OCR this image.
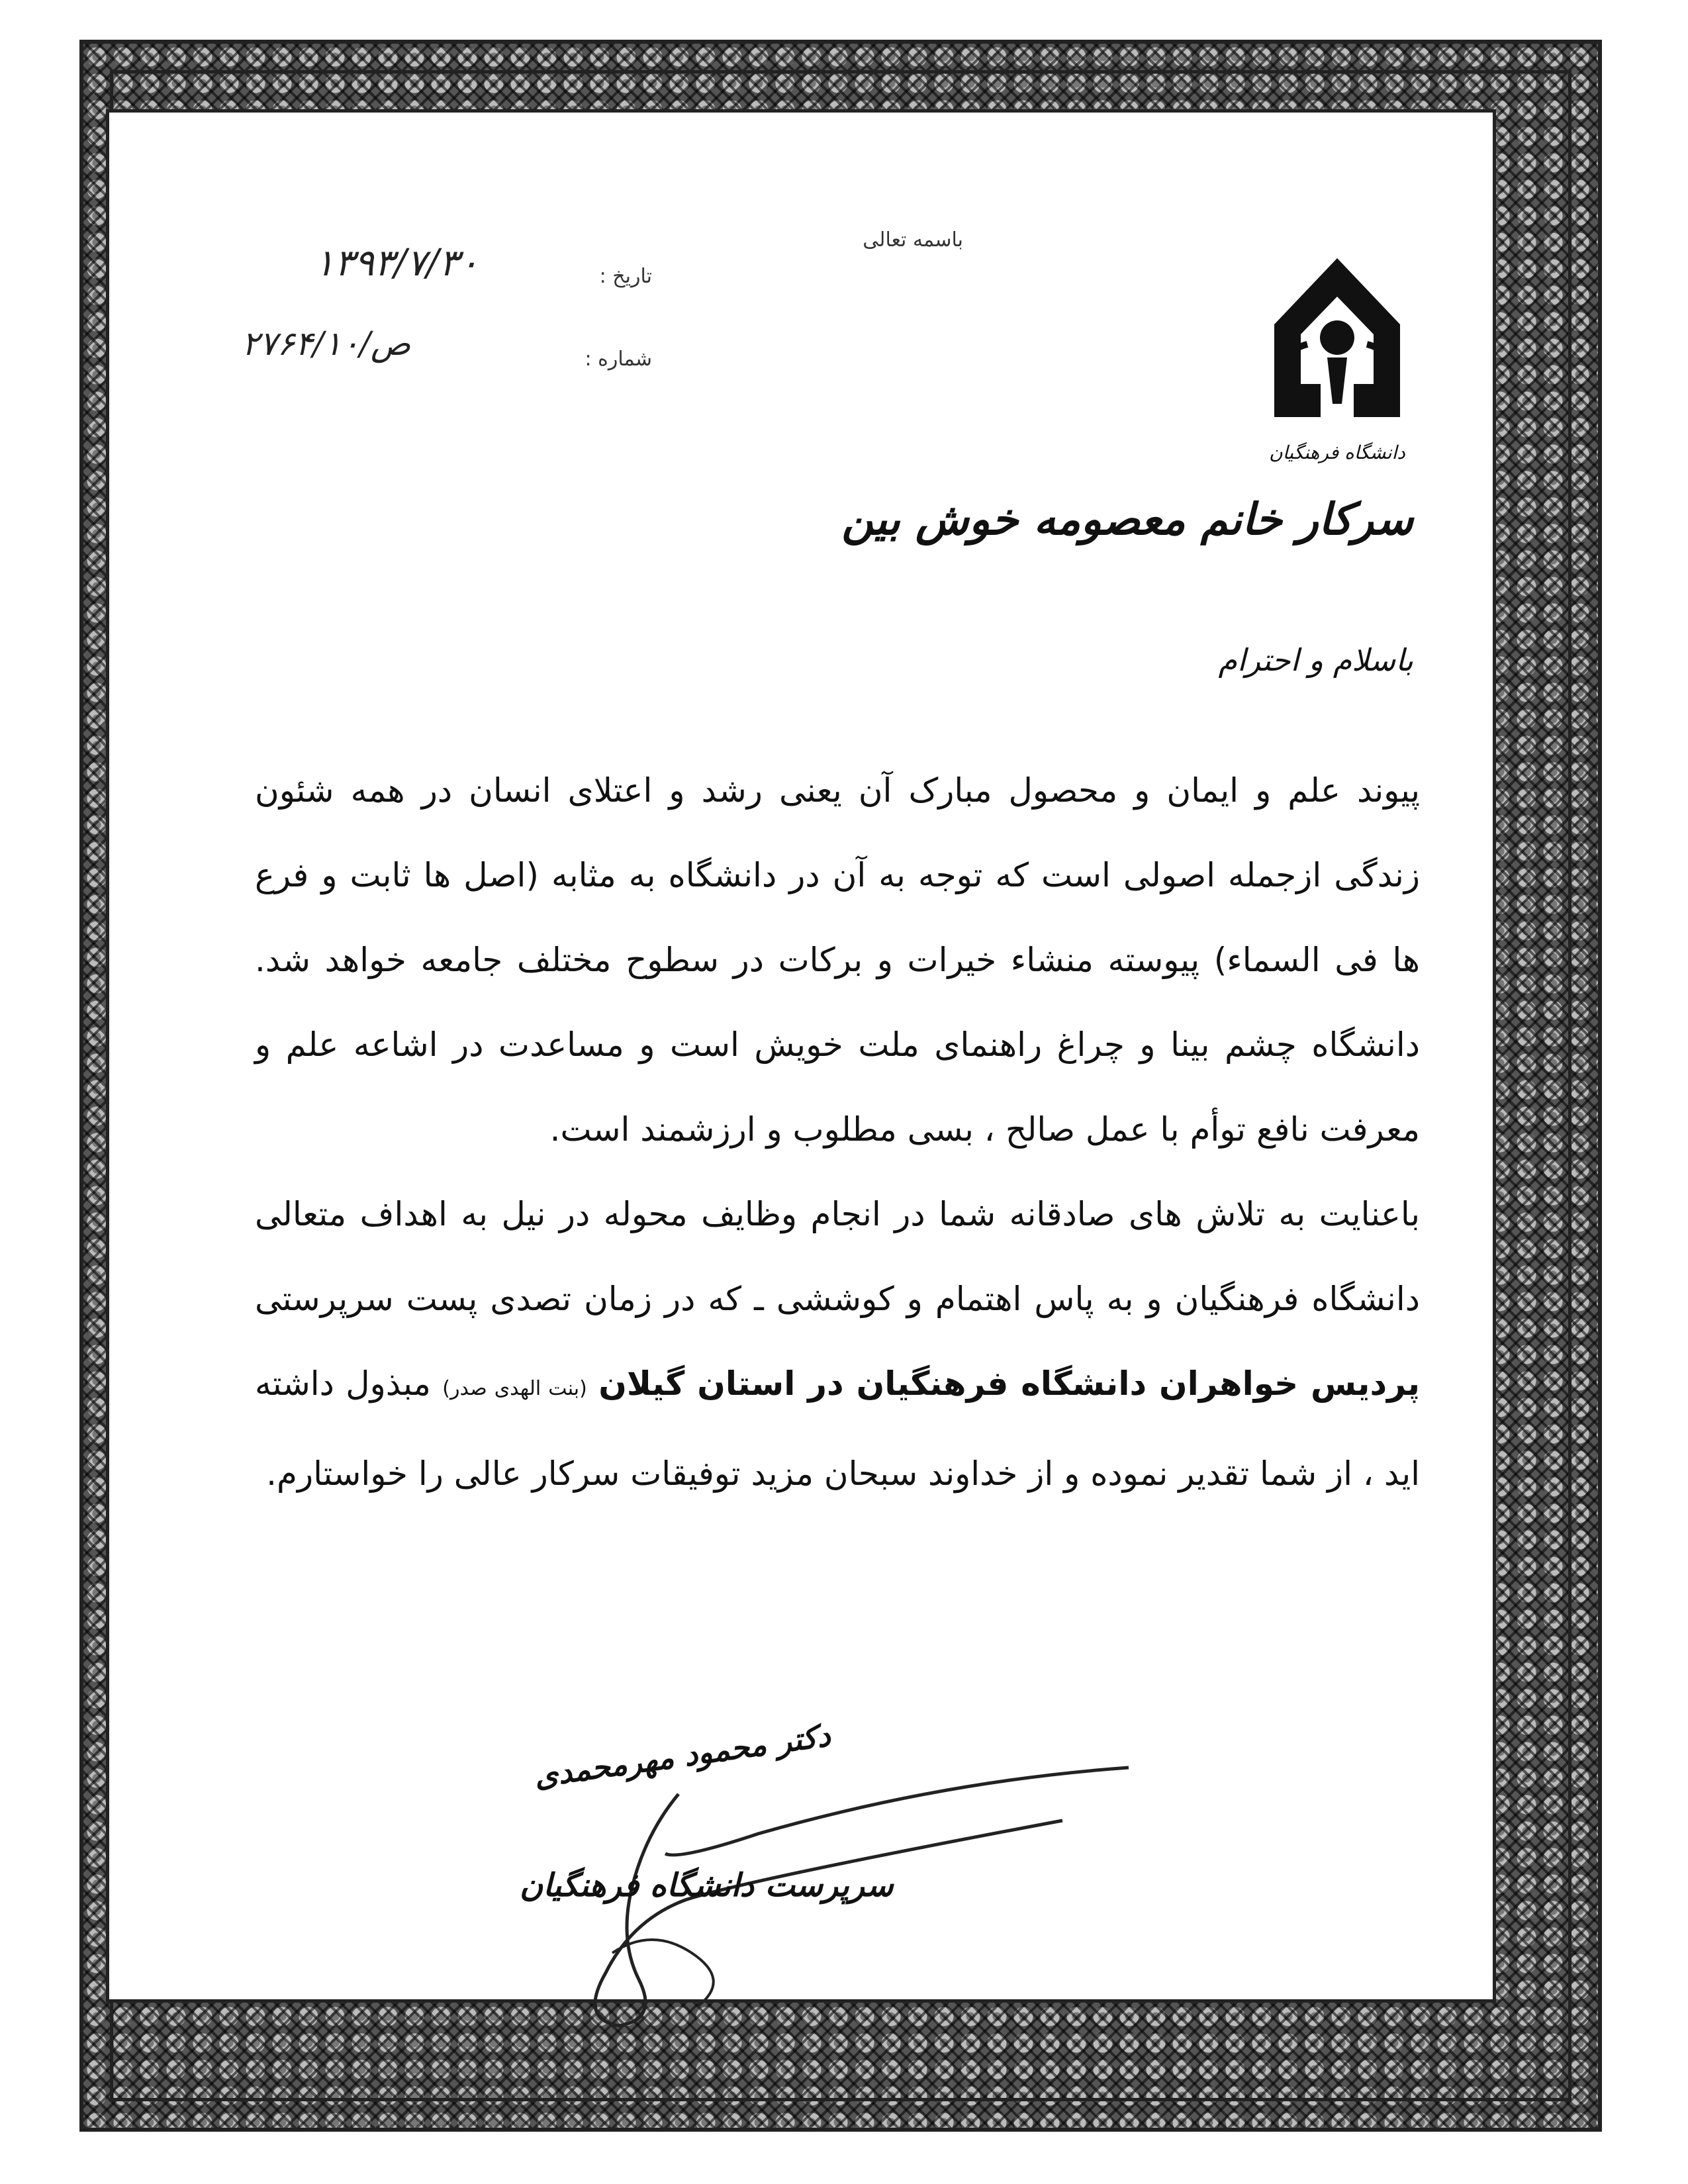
باسمه تعالی
تاریخ :
۱۳۹۳/۷/۳۰
شماره :
۲۷۶۴/۱۰/ص
دانشگاه فرهنگیان
سرکار خانم معصومه خوش بین
باسلام و احترام

پیوند علم و ایمان و محصول مبارک آن یعنی رشد و اعتلای انسان در همه شئون زندگی ازجمله اصولی است که توجه به آن در دانشگاه به مثابه (اصل ها ثابت و فرع ها فی السماء) پیوسته منشاء خیرات و برکات در سطوح مختلف جامعه خواهد شد. دانشگاه چشم بینا و چراغ راهنمای ملت خویش است و مساعدت در اشاعه علم و معرفت نافع توأم با عمل صالح ، بسی مطلوب و ارزشمند است.

باعنایت به تلاش های صادقانه شما در انجام وظایف محوله در نیل به اهداف متعالی دانشگاه فرهنگیان و به پاس اهتمام و کوششی ـ که در زمان تصدی پست سرپرستی پردیس خواهران دانشگاه فرهنگیان در استان گیلان (بنت الهدی صدر) مبذول داشته اید ، از شما تقدیر نموده و از خداوند سبحان مزید توفیقات سرکار عالی را خواستارم.

دکتر محمود مهرمحمدی
سرپرست دانشگاه فرهنگیان
